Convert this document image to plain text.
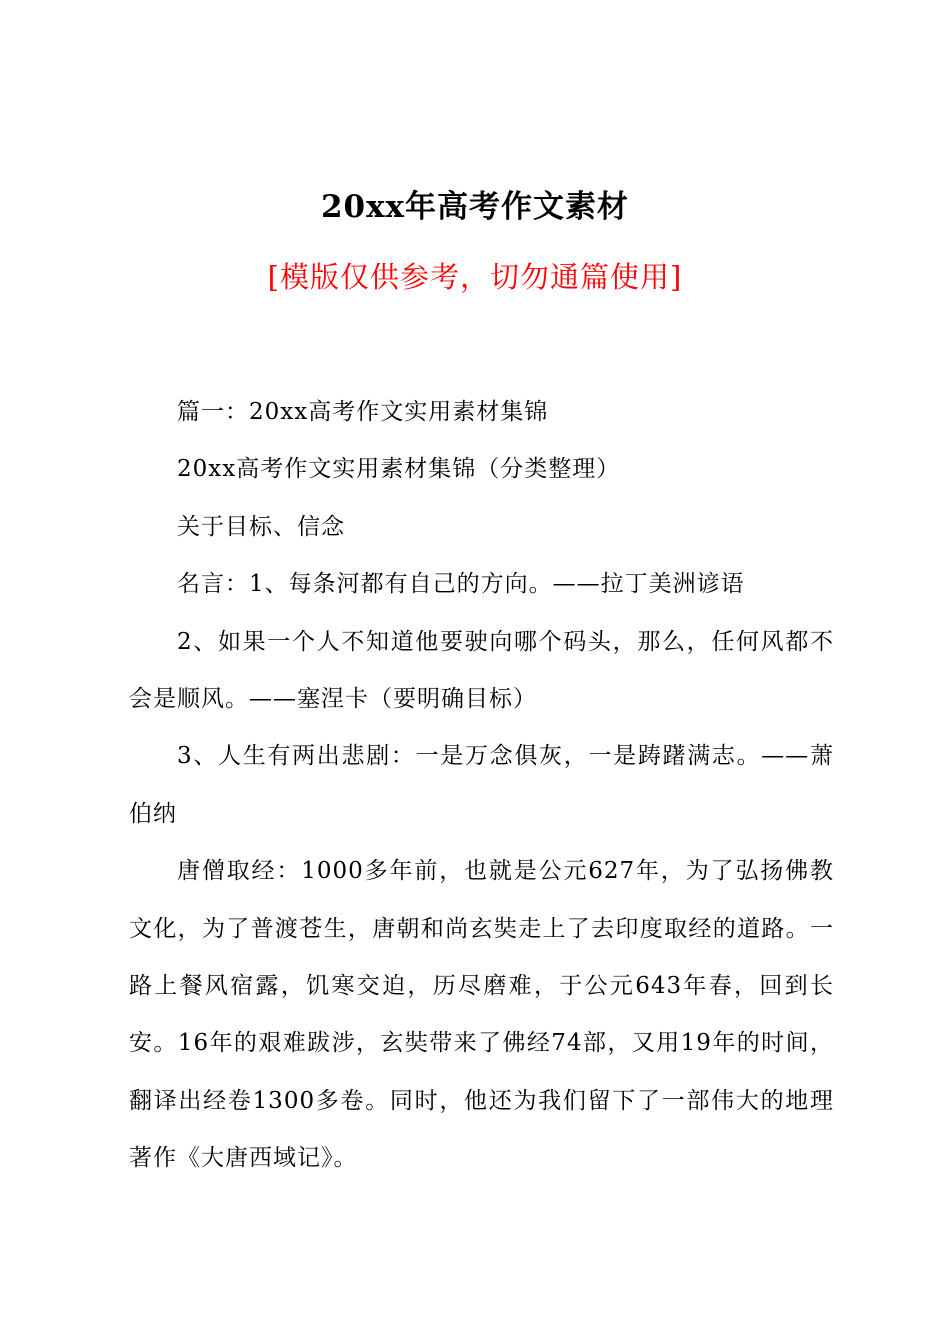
20xx年高考作文素材
[模版仅供参考，切勿通篇使用]

篇一：20xx高考作文实用素材集锦

20xx高考作文实用素材集锦（分类整理）

关于目标、信念

名言：1、每条河都有自己的方向。——拉丁美洲谚语

2、如果一个人不知道他要驶向哪个码头，那么，任何风都不会是顺风。——塞涅卡（要明确目标）

3、人生有两出悲剧：一是万念俱灰，一是踌躇满志。——萧伯纳

唐僧取经：1000多年前，也就是公元627年，为了弘扬佛教文化，为了普渡苍生，唐朝和尚玄奘走上了去印度取经的道路。一路上餐风宿露，饥寒交迫，历尽磨难，于公元643年春，回到长安。16年的艰难跋涉，玄奘带来了佛经74部，又用19年的时间，翻译出经卷1300多卷。同时，他还为我们留下了一部伟大的地理著作《大唐西域记》。
